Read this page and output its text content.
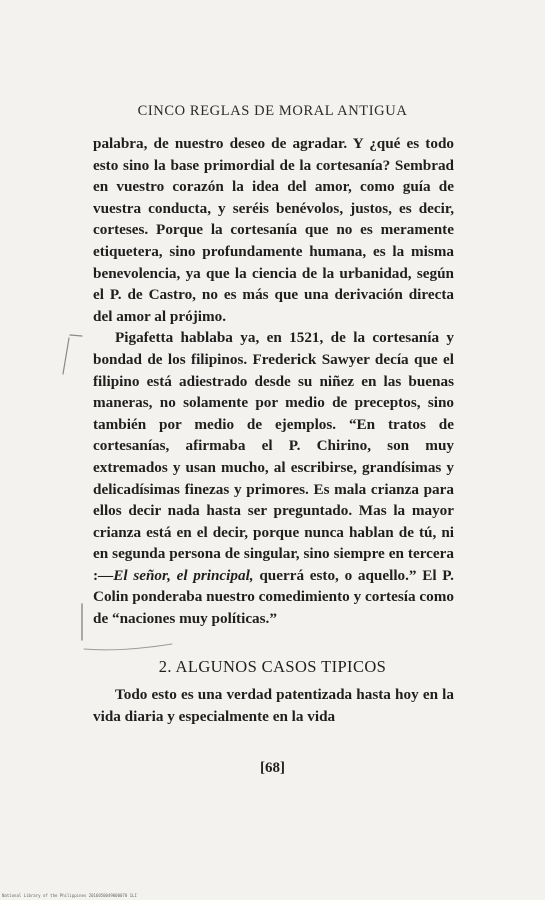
CINCO REGLAS DE MORAL ANTIGUA

palabra, de nuestro deseo de agradar. Y ¿qué es todo esto sino la base primordial de la cortesanía? Sembrad en vuestro corazón la idea del amor, como guía de vuestra conducta, y seréis benévolos, justos, es decir, corteses. Porque la cortesanía que no es meramente etiquetera, sino profundamente humana, es la misma benevolencia, ya que la ciencia de la urbanidad, según el P. de Castro, no es más que una derivación directa del amor al prójimo.

Pigafetta hablaba ya, en 1521, de la cortesanía y bondad de los filipinos. Frederick Sawyer decía que el filipino está adiestrado desde su niñez en las buenas maneras, no solamente por medio de preceptos, sino también por medio de ejemplos. “En tratos de cortesanías, afirmaba el P. Chirino, son muy extremados y usan mucho, al escribirse, grandísimas y delicadísimas finezas y primores. Es mala crianza para ellos decir nada hasta ser preguntado. Mas la mayor crianza está en el decir, porque nunca hablan de tú, ni en segunda persona de singular, sino siempre en tercera :—El señor, el principal, querrá esto, o aquello.” El P. Colin ponderaba nuestro comedimiento y cortesía como de “naciones muy políticas.”

2. ALGUNOS CASOS TIPICOS

Todo esto es una verdad patentizada hasta hoy en la vida diaria y especialmente en la vida

[68]
National Library of the Philippines 2016050049000070 1LI
